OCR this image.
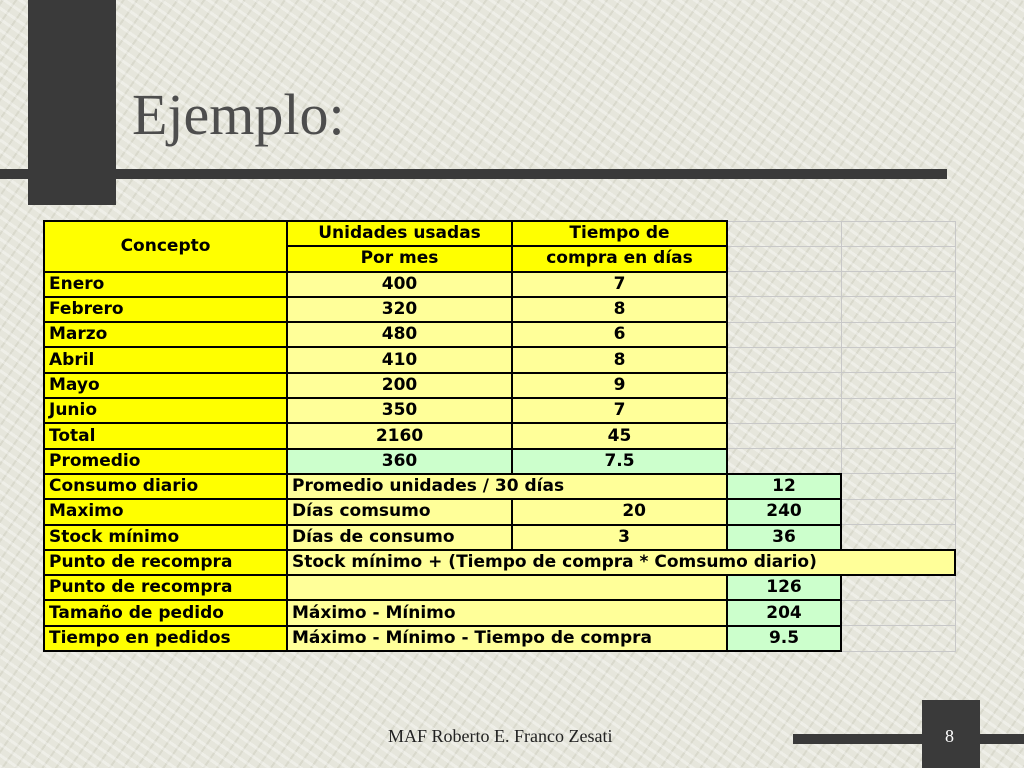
Ejemplo:
Concepto	Unidades usadas	Tiempo de		
	Por mes	compra en días		
Enero	400	7		
Febrero	320	8		
Marzo	480	6		
Abril	410	8		
Mayo	200	9		
Junio	350	7		
Total	2160	45		
Promedio	360	7.5		
Consumo diario	Promedio unidades / 30 días		12	
Maximo	Días comsumo	20	240	
Stock mínimo	Días de consumo	3	36	
Punto de recompra	Stock mínimo + (Tiempo de compra * Comsumo diario)			
Punto de recompra			126	
Tamaño de pedido	Máximo - Mínimo		204	
Tiempo en pedidos	Máximo - Mínimo - Tiempo de compra		9.5	
MAF Roberto E. Franco Zesati	8
